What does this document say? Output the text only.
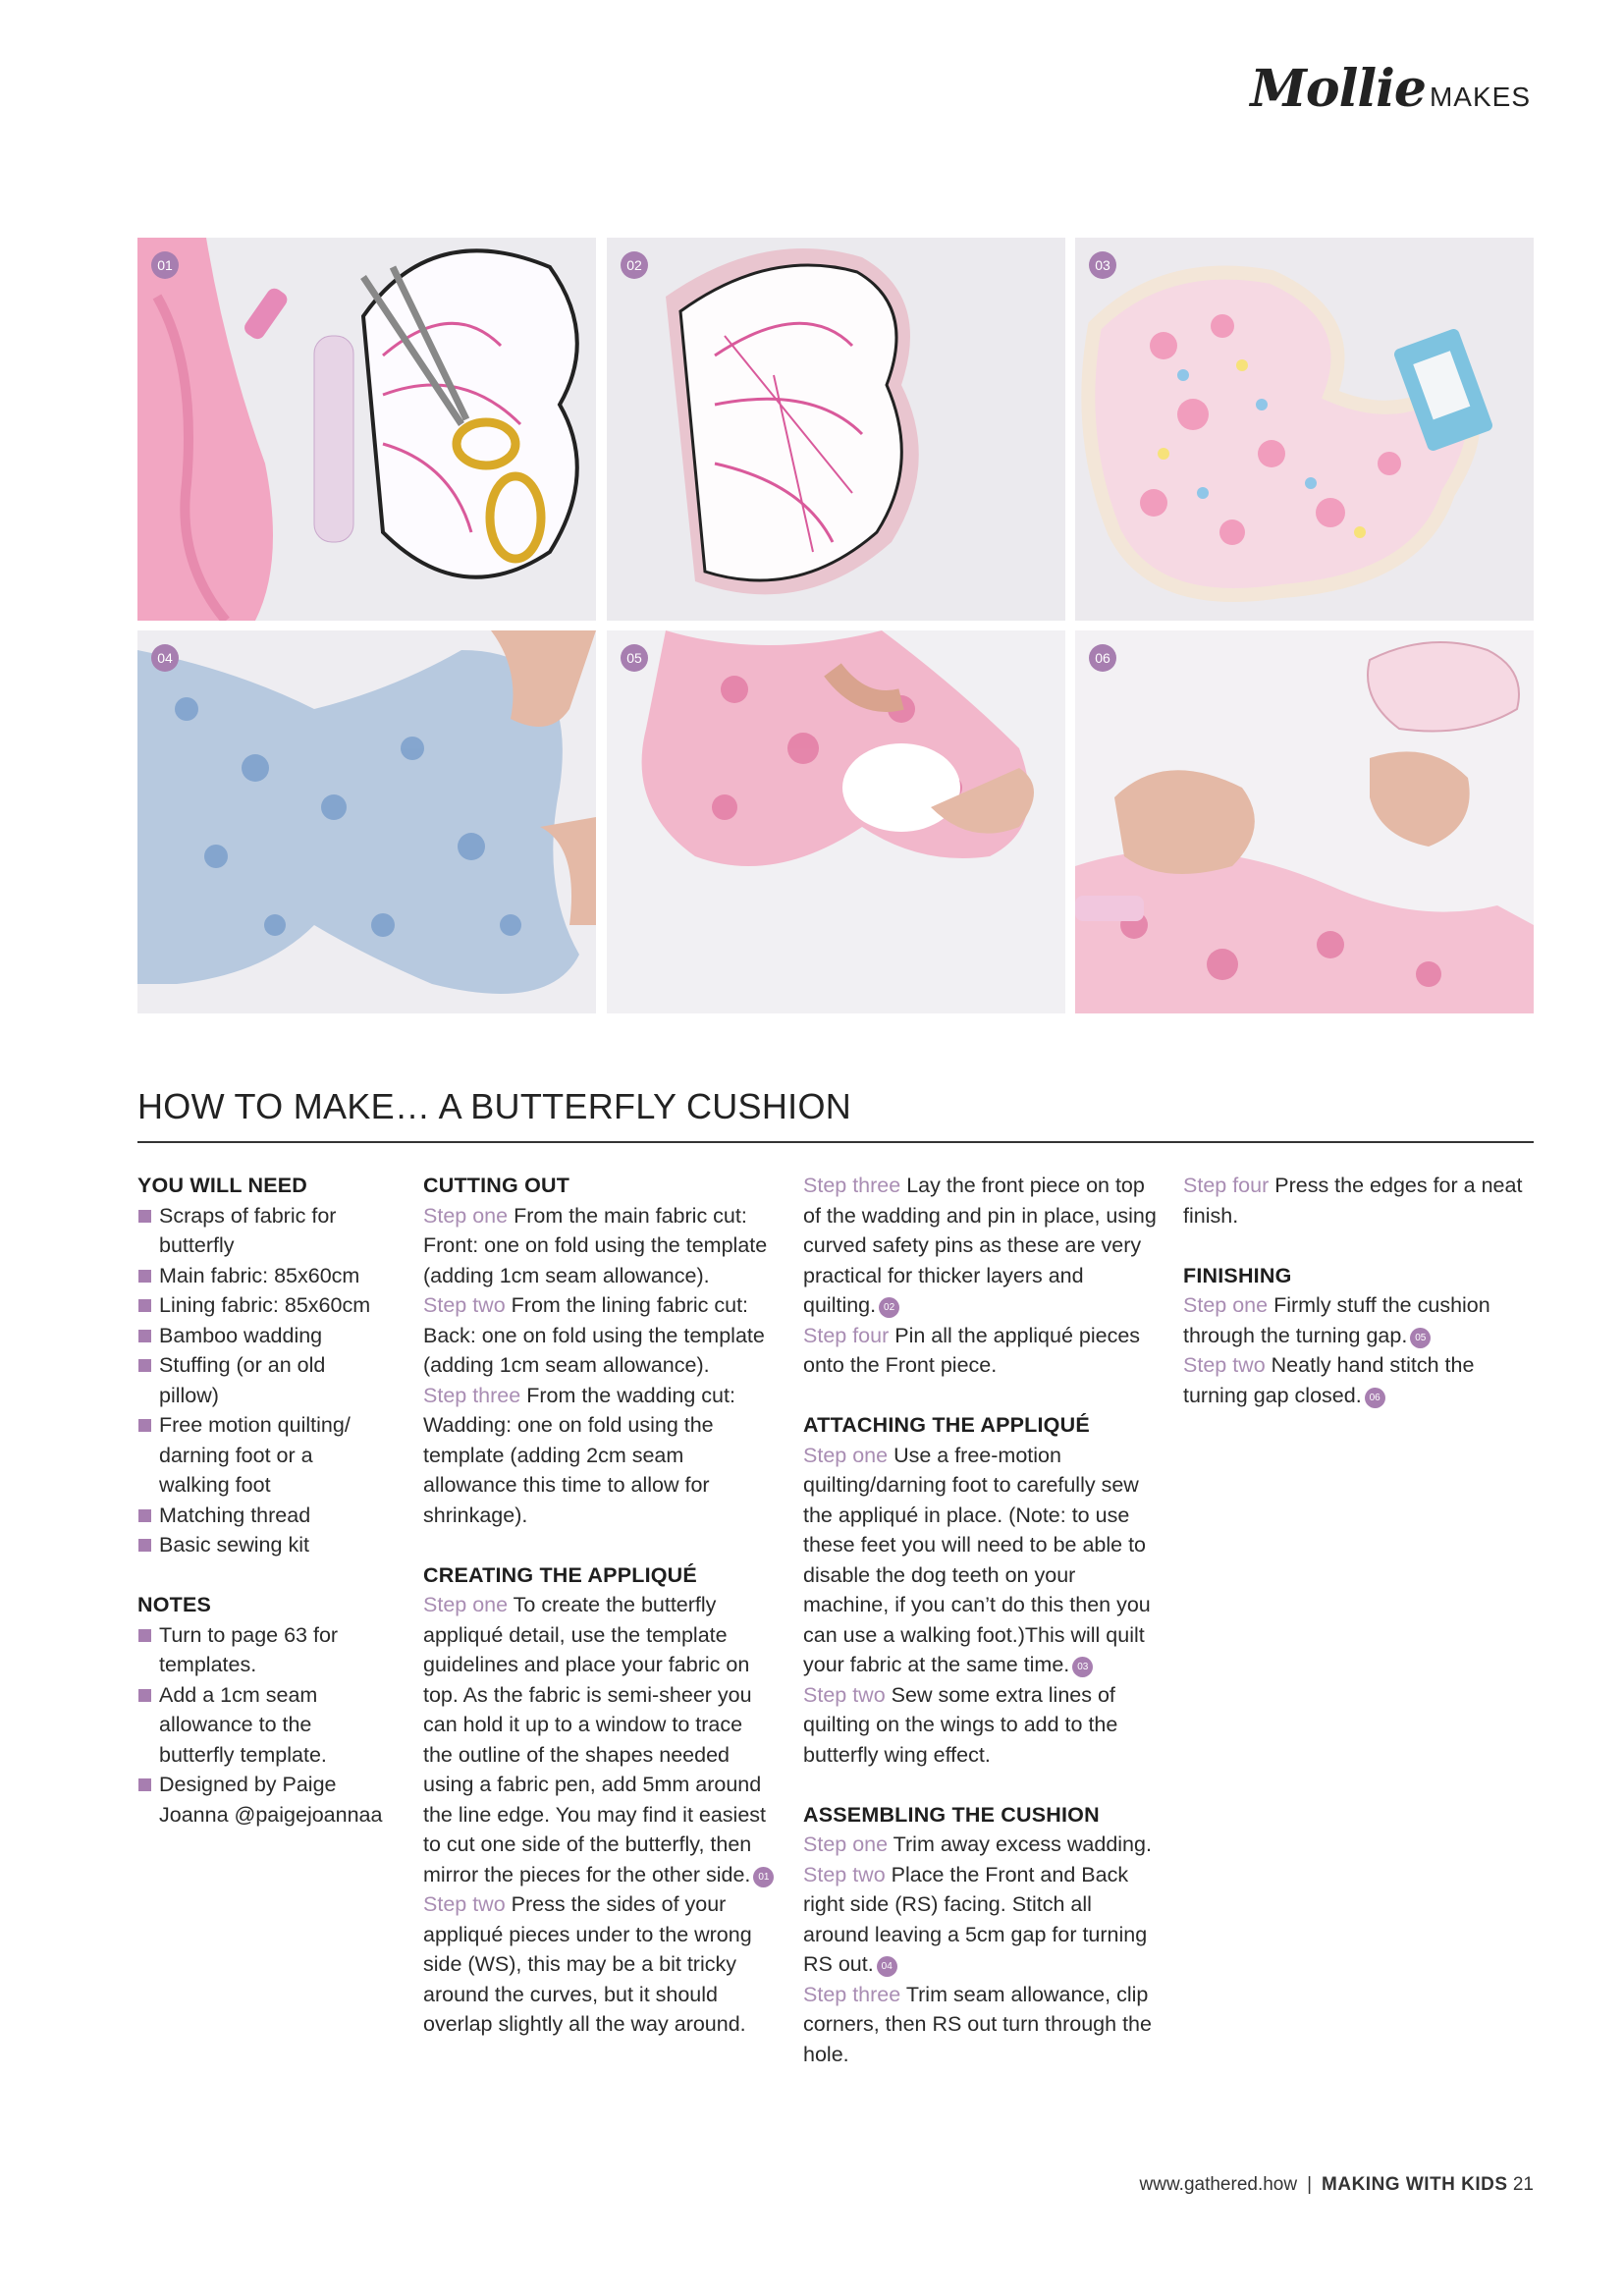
Mollie MAKES
01	02	03
04	05	06
HOW TO MAKE… A BUTTERFLY CUSHION
YOU WILL NEED
Scraps of fabric for butterfly
Main fabric: 85x60cm
Lining fabric: 85x60cm
Bamboo wadding
Stuffing (or an old pillow)
Free motion quilting/ darning foot or a walking foot
Matching thread
Basic sewing kit
NOTES
Turn to page 63 for templates.
Add a 1cm seam allowance to the butterfly template.
Designed by Paige Joanna @paigejoannaa
CUTTING OUT
Step one From the main fabric cut: Front: one on fold using the template (adding 1cm seam allowance).
Step two From the lining fabric cut: Back: one on fold using the template (adding 1cm seam allowance).
Step three From the wadding cut: Wadding: one on fold using the template (adding 2cm seam allowance this time to allow for shrinkage).
CREATING THE APPLIQUÉ
Step one To create the butterfly appliqué detail, use the template guidelines and place your fabric on top. As the fabric is semi-sheer you can hold it up to a window to trace the outline of the shapes needed using a fabric pen, add 5mm around the line edge. You may find it easiest to cut one side of the butterfly, then mirror the pieces for the other side. 01
Step two Press the sides of your appliqué pieces under to the wrong side (WS), this may be a bit tricky around the curves, but it should overlap slightly all the way around.
Step three Lay the front piece on top of the wadding and pin in place, using curved safety pins as these are very practical for thicker layers and quilting. 02
Step four Pin all the appliqué pieces onto the Front piece.
ATTACHING THE APPLIQUÉ
Step one Use a free-motion quilting/darning foot to carefully sew the appliqué in place. (Note: to use these feet you will need to be able to disable the dog teeth on your machine, if you can’t do this then you can use a walking foot.)This will quilt your fabric at the same time. 03
Step two Sew some extra lines of quilting on the wings to add to the butterfly wing effect.
ASSEMBLING THE CUSHION
Step one Trim away excess wadding.
Step two Place the Front and Back right side (RS) facing. Stitch all around leaving a 5cm gap for turning RS out. 04
Step three Trim seam allowance, clip corners, then RS out turn through the hole.
Step four Press the edges for a neat finish.
FINISHING
Step one Firmly stuff the cushion through the turning gap. 05
Step two Neatly hand stitch the turning gap closed. 06
www.gathered.how | MAKING WITH KIDS 21
